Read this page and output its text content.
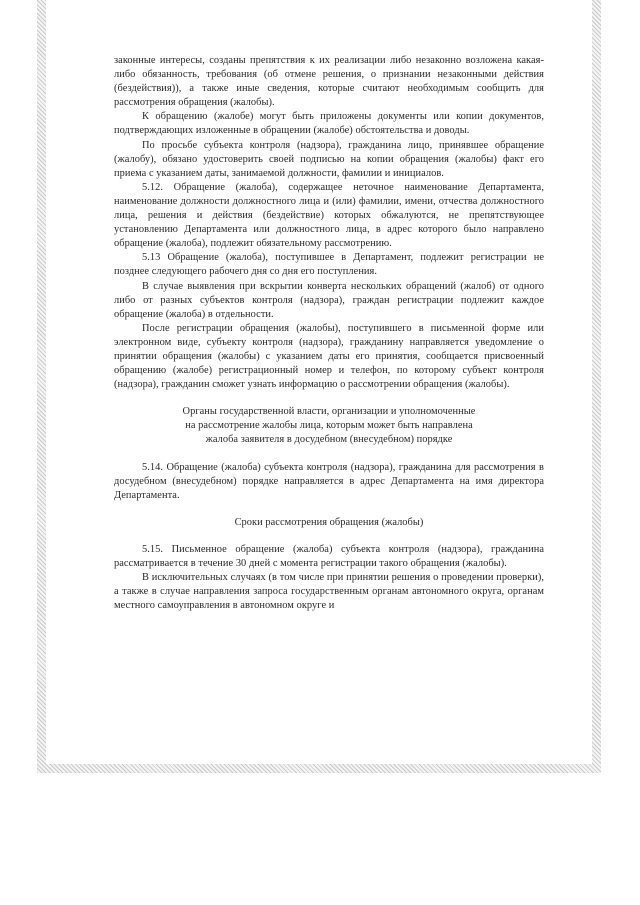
законные интересы, созданы препятствия к их реализации либо незаконно возложена какая-либо обязанность, требования (об отмене решения, о признании незаконными действия (бездействия)), а также иные сведения, которые считают необходимым сообщить для рассмотрения обращения (жалобы).

К обращению (жалобе) могут быть приложены документы или копии документов, подтверждающих изложенные в обращении (жалобе) обстоятельства и доводы.

По просьбе субъекта контроля (надзора), гражданина лицо, принявшее обращение (жалобу), обязано удостоверить своей подписью на копии обращения (жалобы) факт его приема с указанием даты, занимаемой должности, фамилии и инициалов.

5.12. Обращение (жалоба), содержащее неточное наименование Департамента, наименование должности должностного лица и (или) фамилии, имени, отчества должностного лица, решения и действия (бездействие) которых обжалуются, не препятствующее установлению Департамента или должностного лица, в адрес которого было направлено обращение (жалоба), подлежит обязательному рассмотрению.

5.13 Обращение (жалоба), поступившее в Департамент, подлежит регистрации не позднее следующего рабочего дня со дня его поступления.

В случае выявления при вскрытии конверта нескольких обращений (жалоб) от одного либо от разных субъектов контроля (надзора), граждан регистрации подлежит каждое обращение (жалоба) в отдельности.

После регистрации обращения (жалобы), поступившего в письменной форме или электронном виде, субъекту контроля (надзора), гражданину направляется уведомление о принятии обращения (жалобы) с указанием даты его принятия, сообщается присвоенный обращению (жалобе) регистрационный номер и телефон, по которому субъект контроля (надзора), гражданин сможет узнать информацию о рассмотрении обращения (жалобы).

Органы государственной власти, организации и уполномоченные
на рассмотрение жалобы лица, которым может быть направлена
жалоба заявителя в досудебном (внесудебном) порядке

5.14. Обращение (жалоба) субъекта контроля (надзора), гражданина для рассмотрения в досудебном (внесудебном) порядке направляется в адрес Департамента на имя директора Департамента.

Сроки рассмотрения обращения (жалобы)

5.15. Письменное обращение (жалоба) субъекта контроля (надзора), гражданина рассматривается в течение 30 дней с момента регистрации такого обращения (жалобы).

В исключительных случаях (в том числе при принятии решения о проведении проверки), а также в случае направления запроса государственным органам автономного округа, органам местного самоуправления в автономном округе и
